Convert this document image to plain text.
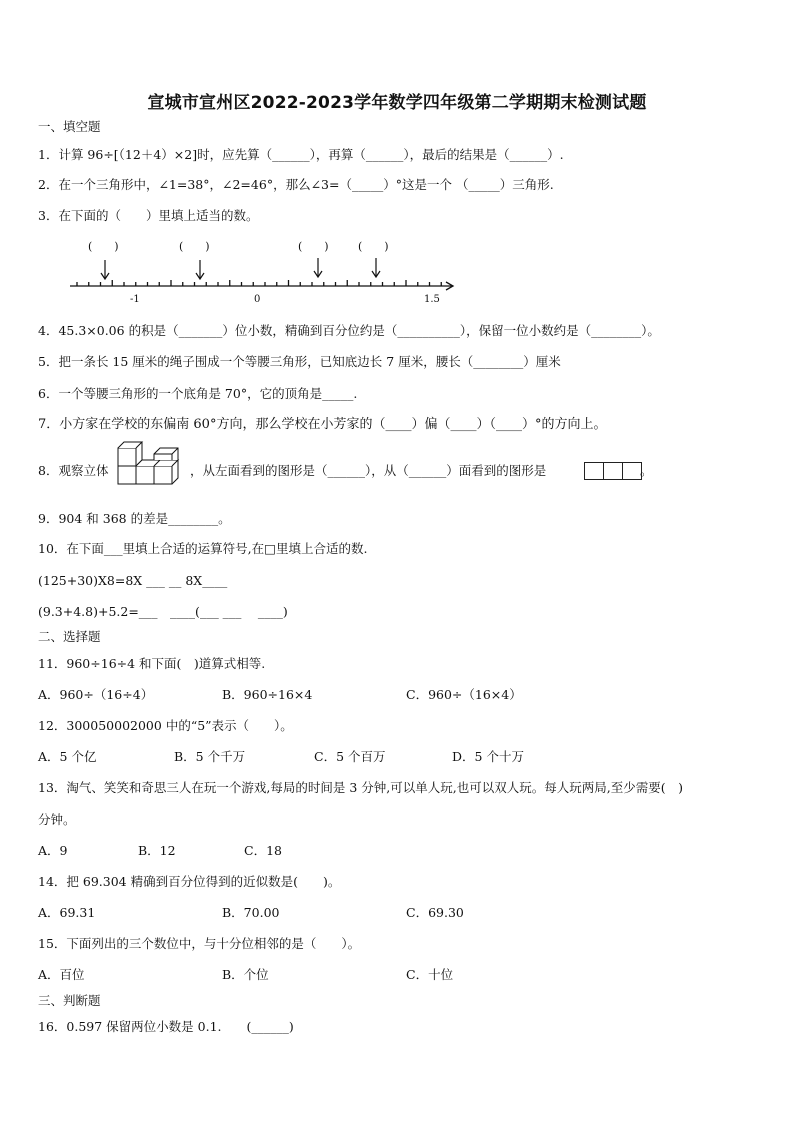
宣城市宣州区2022-2023学年数学四年级第二学期期末检测试题
一、填空题
1．计算 96÷[（12＋4）×2]时，应先算（______），再算（______），最后的结果是（______）.
2．在一个三角形中，∠1=38°，∠2=46°，那么∠3=（_____）°这是一个 （_____）三角形.
3．在下面的（　　）里填上适当的数。
(　　)	(　　)	(　　)	(　　)
-1	0	1.5
4．45.3×0.06 的积是（_______）位小数，精确到百分位约是（__________），保留一位小数约是（________）。
5．把一条长 15 厘米的绳子围成一个等腰三角形，已知底边长 7 厘米，腰长（________）厘米
6．一个等腰三角形的一个底角是 70°，它的顶角是_____.
7．小方家在学校的东偏南 60°方向，那么学校在小芳家的（____）偏（____）（____）°的方向上。
8．观察立体	，从左面看到的图形是（______），从（______）面看到的图形是	。
9．904 和 368 的差是________。
10．在下面___里填上合适的运算符号,在□里填上合适的数.
(125+30)X8=8X ___ __ 8X____
(9.3+4.8)+5.2=___　____(___ ___　 ____)
二、选择题
11．960÷16÷4 和下面(　)道算式相等.
A．960÷（16÷4）	B．960÷16×4	C．960÷（16×4）
12．300050002000 中的“5”表示（　　）。
A．5 个亿	B．5 个千万	C．5 个百万	D．5 个十万
13．淘气、笑笑和奇思三人在玩一个游戏,每局的时间是 3 分钟,可以单人玩,也可以双人玩。每人玩两局,至少需要(　)
分钟。
A．9	B．12	C．18
14．把 69.304 精确到百分位得到的近似数是(　　)。
A．69.31	B．70.00	C．69.30
15．下面列出的三个数位中，与十分位相邻的是（　　）。
A．百位	B．个位	C．十位
三、判断题
16．0.597 保留两位小数是 0.1.　　(______)
